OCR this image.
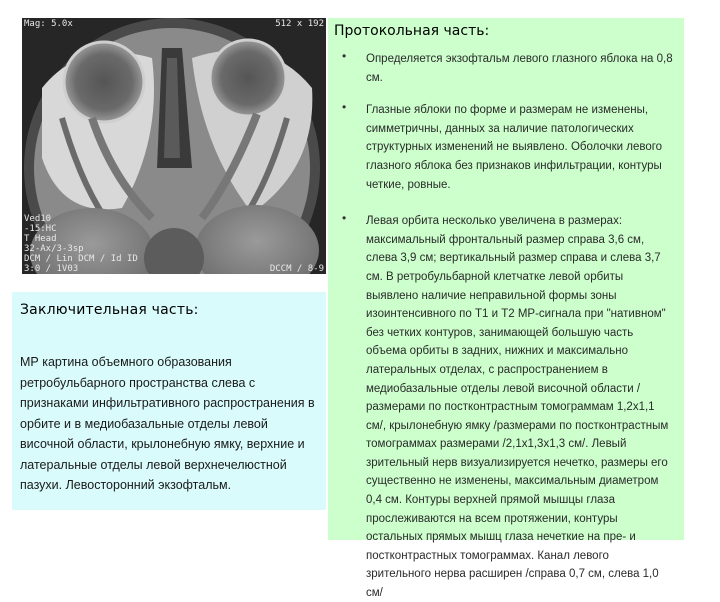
Mag: 5.0x	512 x 192
Ved10
-15:HC
T Head
32-Ax/3-3sp
DCM / Lin DCM / Id ID
3:0 / 1V03	DCCM / 8-9

Заключительная часть:

МР картина объемного образования ретробульбарного пространства слева с признаками инфильтративного распространения в орбите и в медиобазальные отделы левой височной области, крылонебную ямку, верхние и латеральные отделы левой верхнечелюстной пазухи. Левосторонний экзофтальм.

Протокольная часть:

• Определяется экзофтальм левого глазного яблока на 0,8 см.
• Глазные яблоки по форме и размерам не изменены, симметричны, данных за наличие патологических структурных изменений не выявлено. Оболочки левого глазного яблока без признаков инфильтрации, контуры четкие, ровные.
• Левая орбита несколько увеличена в размерах: максимальный фронтальный размер справа 3,6 см, слева 3,9 см; вертикальный размер справа и слева 3,7 см. В ретробульбарной клетчатке левой орбиты выявлено наличие неправильной формы зоны изоинтенсивного по Т1 и Т2 МР-сигнала при "нативном" без четких контуров, занимающей большую часть объема орбиты в задних, нижних и максимально латеральных отделах, с распространением в медиобазальные отделы левой височной области /размерами по постконтрастным томограммам 1,2х1,1 см/, крылонебную ямку /размерами по постконтрастным томограммах размерами /2,1х1,3х1,3 см/. Левый зрительный нерв визуализируется нечетко, размеры его существенно не изменены, максимальным диаметром 0,4 см. Контуры верхней прямой мышцы глаза прослеживаются на всем протяжении, контуры остальных прямых мышц глаза нечеткие на пре- и постконтрастных томограммах. Канал левого зрительного нерва расширен /справа 0,7 см, слева 1,0 см/
